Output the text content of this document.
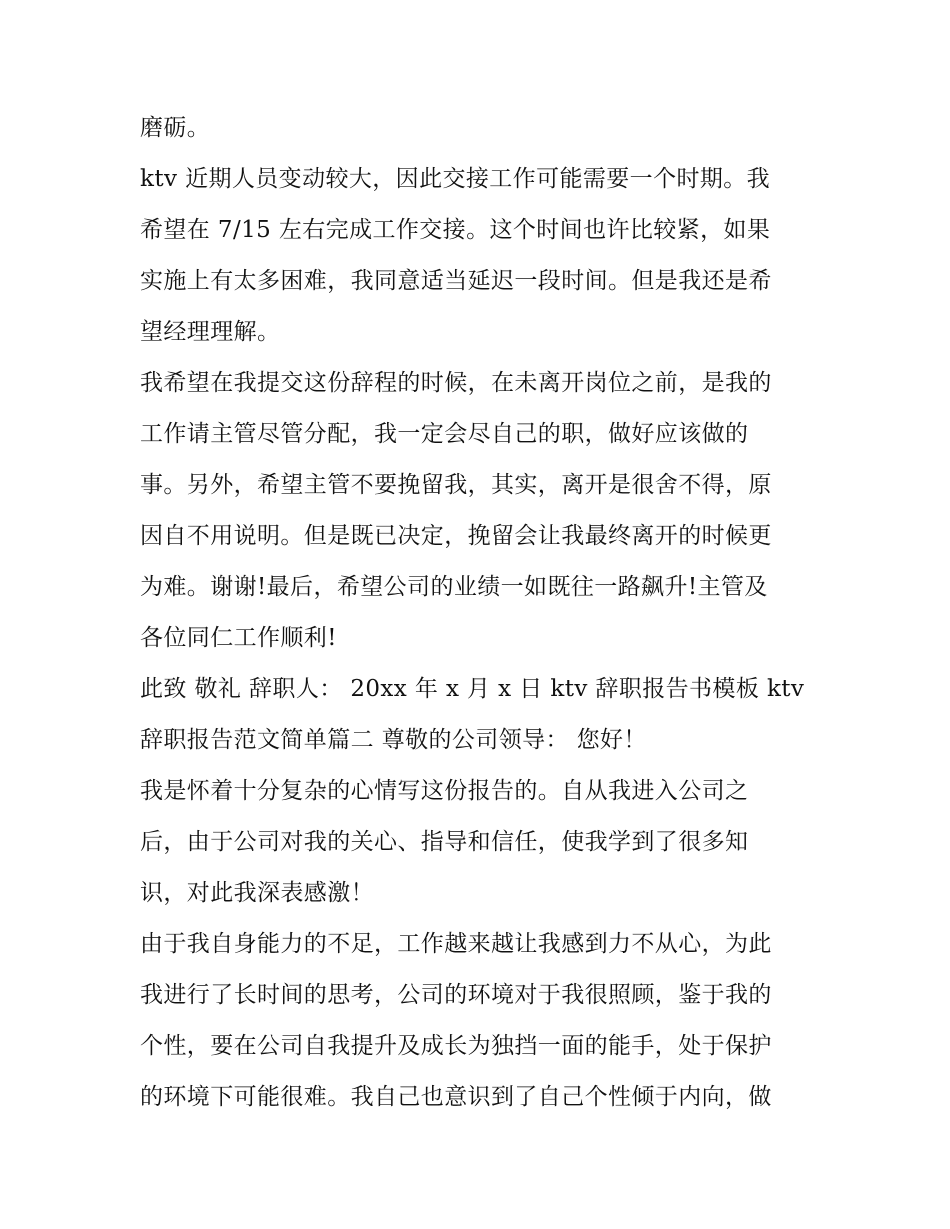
磨砺。
ktv 近期人员变动较大，因此交接工作可能需要一个时期。我
希望在 7/15 左右完成工作交接。这个时间也许比较紧，如果
实施上有太多困难，我同意适当延迟一段时间。但是我还是希
望经理理解。
我希望在我提交这份辞程的时候，在未离开岗位之前，是我的
工作请主管尽管分配，我一定会尽自己的职，做好应该做的
事。另外，希望主管不要挽留我，其实，离开是很舍不得，原
因自不用说明。但是既已决定，挽留会让我最终离开的时候更
为难。谢谢!最后，希望公司的业绩一如既往一路飙升!主管及
各位同仁工作顺利!
此致 敬礼 辞职人： 20xx 年 x 月 x 日 ktv 辞职报告书模板 ktv
辞职报告范文简单篇二 尊敬的公司领导： 您好！
我是怀着十分复杂的心情写这份报告的。自从我进入公司之
后，由于公司对我的关心、指导和信任，使我学到了很多知
识，对此我深表感激！
由于我自身能力的不足，工作越来越让我感到力不从心，为此
我进行了长时间的思考，公司的环境对于我很照顾，鉴于我的
个性，要在公司自我提升及成长为独挡一面的能手，处于保护
的环境下可能很难。我自己也意识到了自己个性倾于内向，做
